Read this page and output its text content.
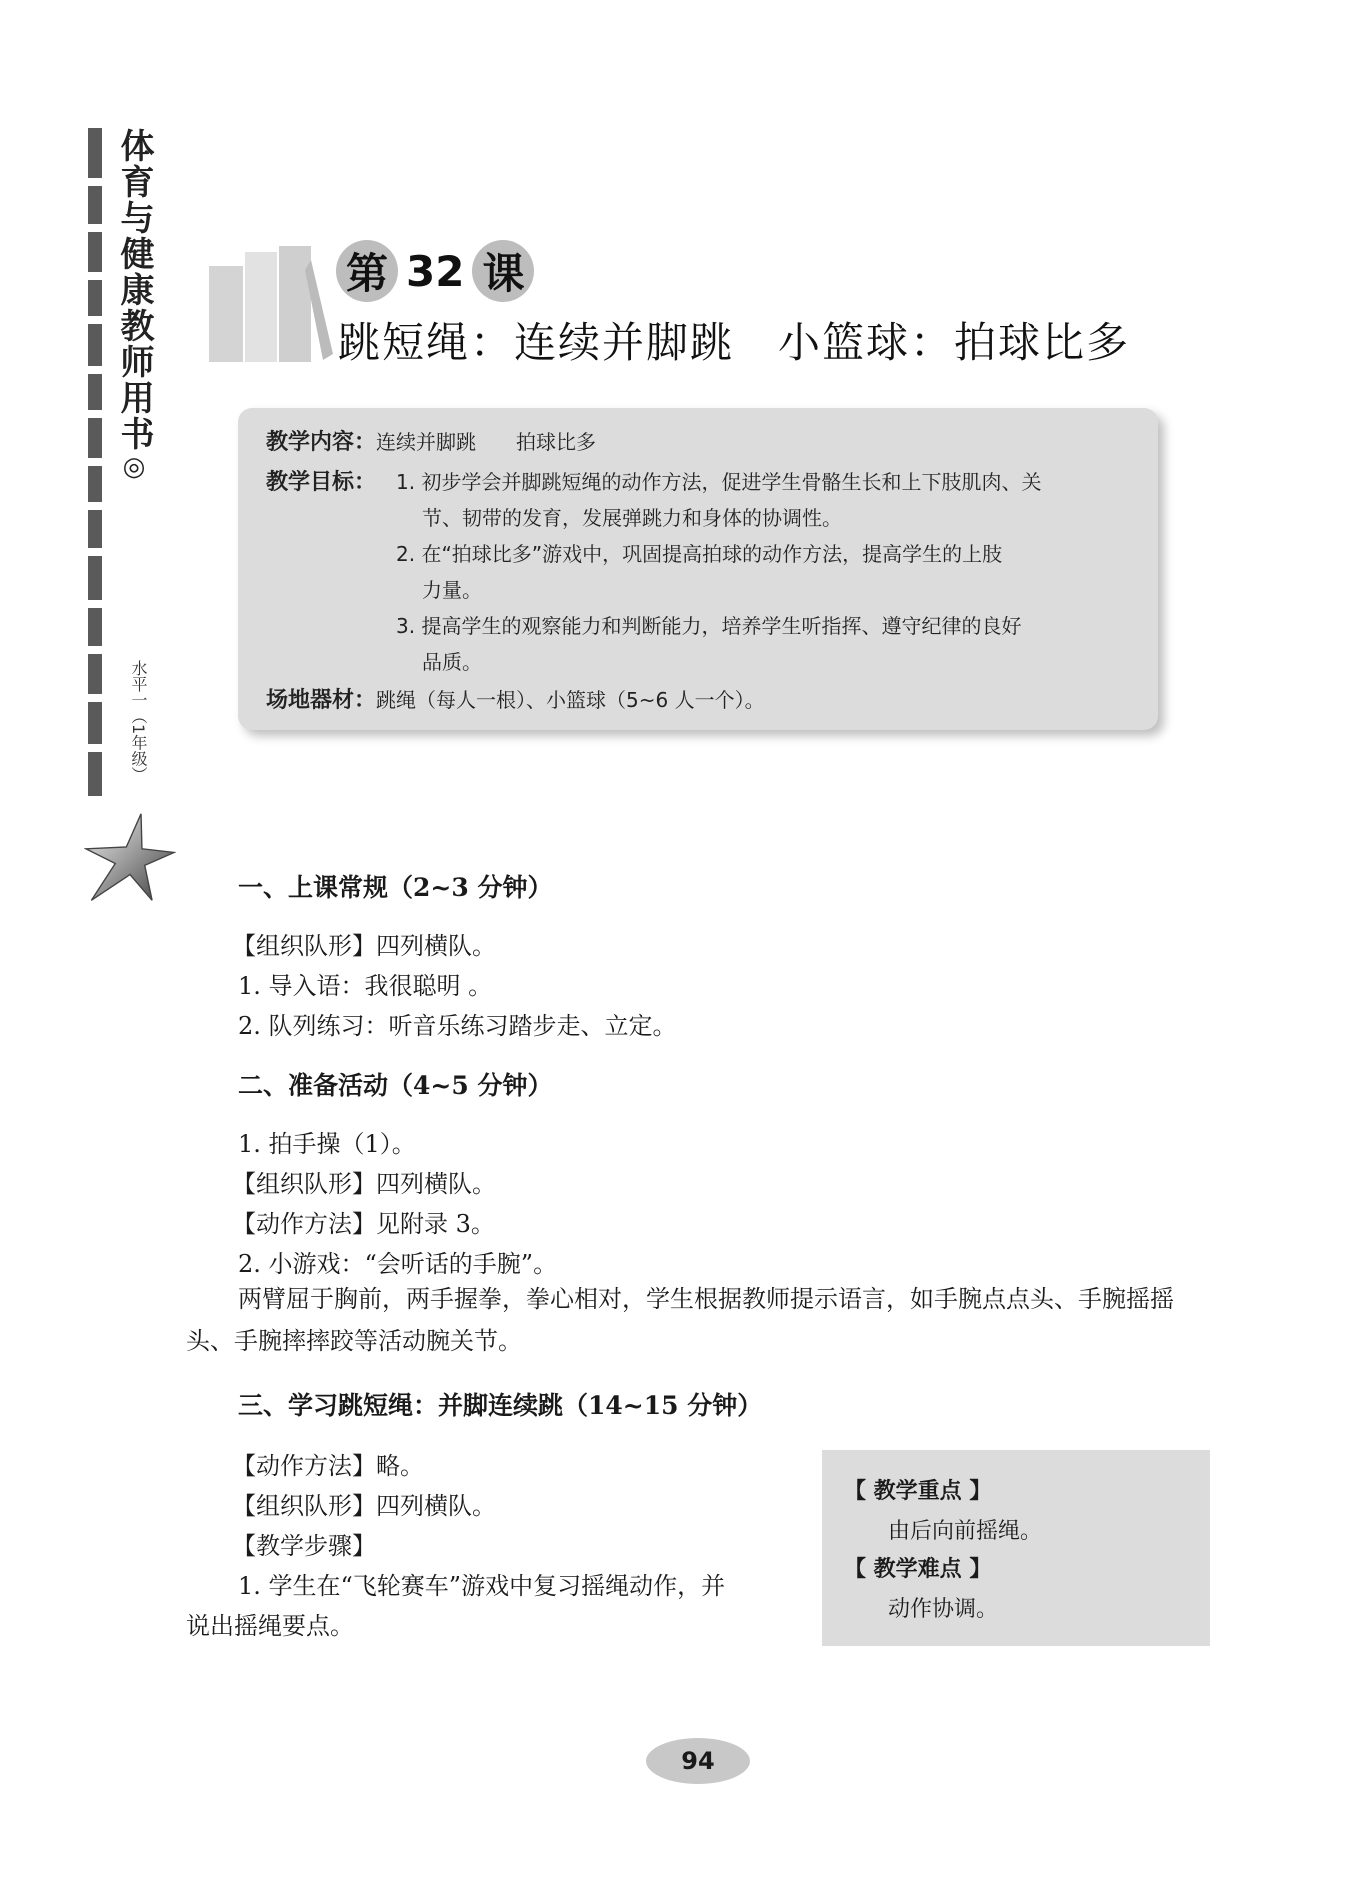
体育与健康教师用书◎
水平一（1年级）
第 32 课
跳短绳：连续并脚跳　小篮球：拍球比多
教学内容：连续并脚跳　　拍球比多
教学目标： 1. 初步学会并脚跳短绳的动作方法，促进学生骨骼生长和上下肢肌肉、关
节、韧带的发育，发展弹跳力和身体的协调性。
2. 在“拍球比多”游戏中，巩固提高拍球的动作方法，提高学生的上肢
力量。
3. 提高学生的观察能力和判断能力，培养学生听指挥、遵守纪律的良好
品质。
场地器材：跳绳（每人一根）、小篮球（5~6 人一个）。
一、上课常规（2~3 分钟）
【组织队形】四列横队。
1. 导入语：我很聪明 。
2. 队列练习：听音乐练习踏步走、立定。
二、准备活动（4~5 分钟）
1. 拍手操（1）。
【组织队形】四列横队。
【动作方法】见附录 3。
2. 小游戏：“会听话的手腕”。
两臂屈于胸前，两手握拳，拳心相对，学生根据教师提示语言，如手腕点点头、手腕摇摇头、手腕摔摔跤等活动腕关节。
三、学习跳短绳：并脚连续跳（14~15 分钟）
【动作方法】略。
【组织队形】四列横队。
【教学步骤】
1. 学生在“飞轮赛车”游戏中复习摇绳动作，并
说出摇绳要点。
【 教学重点 】
由后向前摇绳。
【 教学难点 】
动作协调。
94
